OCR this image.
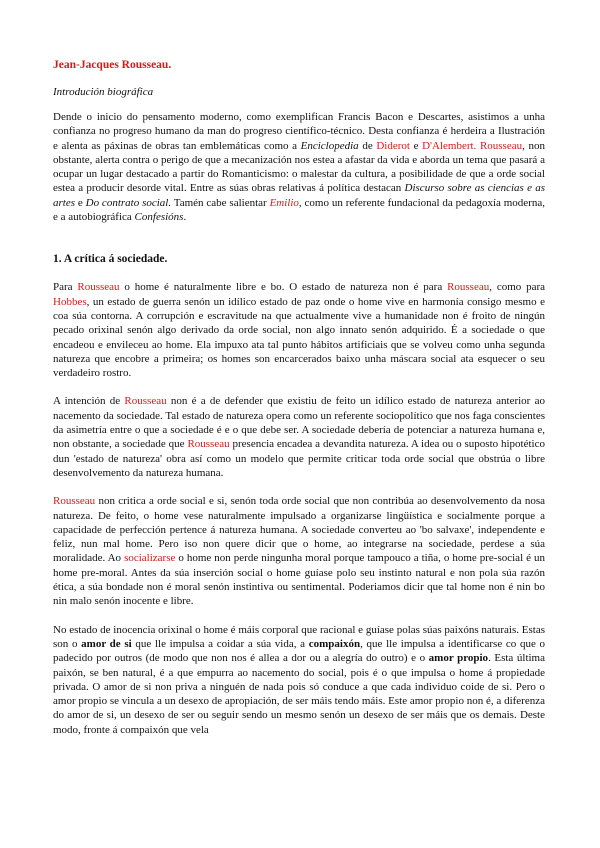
Jean-Jacques Rousseau.

Introdución biográfica

Dende o inicio do pensamento moderno, como exemplifican Francis Bacon e Descartes, asistimos a unha confianza no progreso humano da man do progreso científico-técnico. Desta confianza é herdeira a Ilustración e alenta as páxinas de obras tan emblemáticas como a Enciclopedia de Diderot e D'Alembert. Rousseau, non obstante, alerta contra o perigo de que a mecanización nos estea a afastar da vida e aborda un tema que pasará a ocupar un lugar destacado a partir do Romanticismo: o malestar da cultura, a posibilidade de que a orde social estea a producir desorde vital. Entre as súas obras relativas á política destacan Discurso sobre as ciencias e as artes e Do contrato social. Tamén cabe salientar Emilio, como un referente fundacional da pedagoxía moderna, e a autobiográfica Confesións.

1. A crítica á sociedade.

Para Rousseau o home é naturalmente libre e bo. O estado de natureza non é para Rousseau, como para Hobbes, un estado de guerra senón un idílico estado de paz onde o home vive en harmonía consigo mesmo e coa súa contorna. A corrupción e escravitude na que actualmente vive a humanidade non é froito de ningún pecado orixinal senón algo derivado da orde social, non algo innato senón adquirido. É a sociedade o que encadeou e envileceu ao home. Ela impuxo ata tal punto hábitos artificiais que se volveu como unha segunda natureza que encobre a primeira; os homes son encarcerados baixo unha máscara social ata esquecer o seu verdadeiro rostro.

A intención de Rousseau non é a de defender que existiu de feito un idílico estado de natureza anterior ao nacemento da sociedade. Tal estado de natureza opera como un referente sociopolítico que nos faga conscientes da asimetría entre o que a sociedade é e o que debe ser. A sociedade debería de potenciar a natureza humana e, non obstante, a sociedade que Rousseau presencia encadea a devandita natureza. A idea ou o suposto hipotético dun 'estado de natureza' obra así como un modelo que permite criticar toda orde social que obstrúa o libre desenvolvemento da natureza humana.

Rousseau non critica a orde social e si, senón toda orde social que non contribúa ao desenvolvemento da nosa natureza. De feito, o home vese naturalmente impulsado a organizarse lingüística e socialmente porque a capacidade de perfección pertence á natureza humana. A sociedade converteu ao 'bo salvaxe', independente e feliz, nun mal home. Pero iso non quere dicir que o home, ao integrarse na sociedade, perdese a súa moralidade. Ao socializarse o home non perde ningunha moral porque tampouco a tiña, o home pre-social é un home pre-moral. Antes da súa inserción social o home guíase polo seu instinto natural e non pola súa razón ética, a súa bondade non é moral senón instintiva ou sentimental. Poderiamos dicir que tal home non é nin bo nin malo senón inocente e libre.

No estado de inocencia orixinal o home é máis corporal que racional e guíase polas súas paixóns naturais. Estas son o amor de si que lle impulsa a coidar a súa vida, a compaixón, que lle impulsa a identificarse co que o padecido por outros (de modo que non nos é allea a dor ou a alegría do outro) e o amor propio. Esta última paixón, se ben natural, é a que empurra ao nacemento do social, pois é o que impulsa o home á propiedade privada. O amor de si non priva a ninguén de nada pois só conduce a que cada individuo coide de si. Pero o amor propio se vincula a un desexo de apropiación, de ser máis tendo máis. Este amor propio non é, a diferenza do amor de si, un desexo de ser ou seguir sendo un mesmo senón un desexo de ser máis que os demais. Deste modo, fronte á compaixón que vela
